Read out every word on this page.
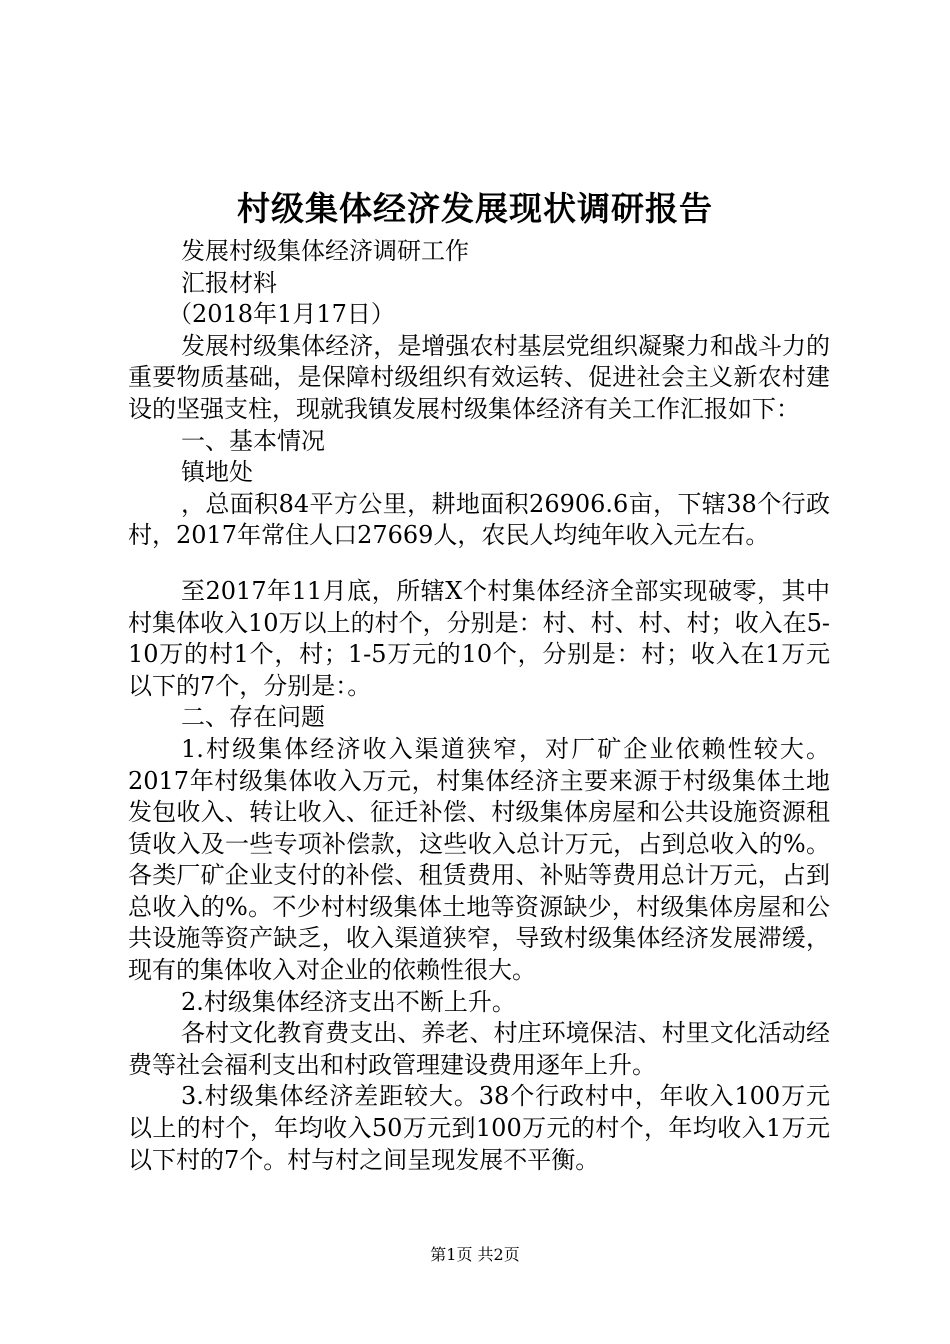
村级集体经济发展现状调研报告

发展村级集体经济调研工作

汇报材料

（2018年1月17日）

发展村级集体经济，是增强农村基层党组织凝聚力和战斗力的重要物质基础，是保障村级组织有效运转、促进社会主义新农村建设的坚强支柱，现就我镇发展村级集体经济有关工作汇报如下：

一、基本情况

镇地处

，总面积84平方公里，耕地面积26906.6亩，下辖38个行政村，2017年常住人口27669人，农民人均纯年收入元左右。

至2017年11月底，所辖X个村集体经济全部实现破零，其中村集体收入10万以上的村个，分别是：村、村、村、村；收入在5-10万的村1个，村；1-5万元的10个，分别是：村；收入在1万元以下的7个，分别是：。

二、存在问题

1.村级集体经济收入渠道狭窄，对厂矿企业依赖性较大。2017年村级集体收入万元，村集体经济主要来源于村级集体土地发包收入、转让收入、征迁补偿、村级集体房屋和公共设施资源租赁收入及一些专项补偿款，这些收入总计万元，占到总收入的%。各类厂矿企业支付的补偿、租赁费用、补贴等费用总计万元，占到总收入的%。不少村村级集体土地等资源缺少，村级集体房屋和公共设施等资产缺乏，收入渠道狭窄，导致村级集体经济发展滞缓，现有的集体收入对企业的依赖性很大。

2.村级集体经济支出不断上升。

各村文化教育费支出、养老、村庄环境保洁、村里文化活动经费等社会福利支出和村政管理建设费用逐年上升。

3.村级集体经济差距较大。38个行政村中，年收入100万元以上的村个，年均收入50万元到100万元的村个，年均收入1万元以下村的7个。村与村之间呈现发展不平衡。

第1页 共2页
